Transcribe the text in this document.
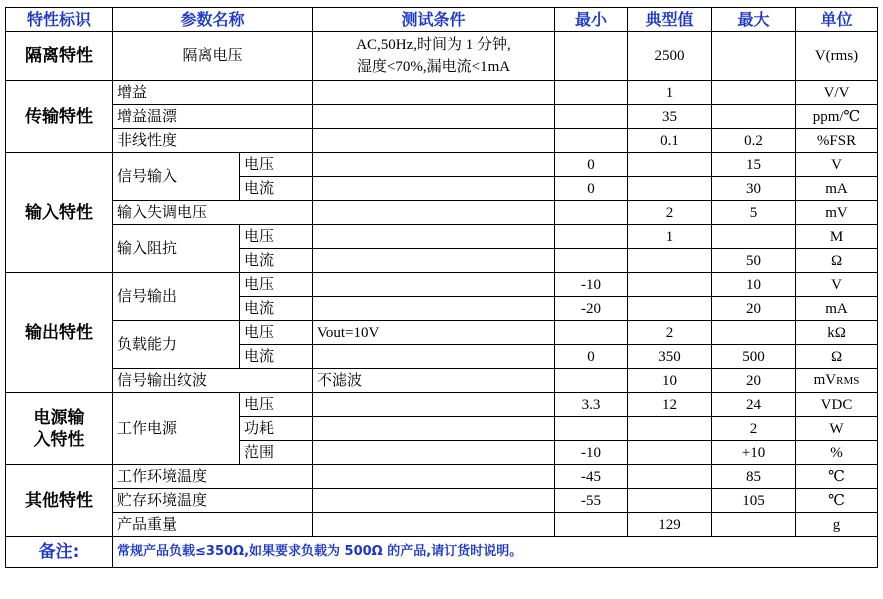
特性标识	参数名称		测试条件	最小	典型值	最大	单位
隔离特性	隔离电压		AC,50Hz,时间为 1 分钟,
湿度<70%,漏电流<1mA		2500		V(rms)
传输特性	增益				1		V/V
	增益温漂				35		ppm/℃
	非线性度				0.1	0.2	%FSR
输入特性	信号输入	电压		0		15	V
		电流		0		30	mA
	输入失调电压				2	5	mV
	输入阻抗	电压			1		M
		电流				50	Ω
输出特性	信号输出	电压		-10		10	V
		电流		-20		20	mA
	负载能力	电压	Vout=10V		2		kΩ
		电流		0	350	500	Ω
	信号输出纹波		不滤波		10	20	mVRMS
电源输
入特性	工作电源	电压		3.3	12	24	VDC
		功耗				2	W
		范围		-10		+10	%
其他特性	工作环境温度			-45		85	℃
	贮存环境温度			-55		105	℃
	产品重量				129		g
备注:	常规产品负载≤350Ω,如果要求负载为 500Ω 的产品,请订货时说明。						
